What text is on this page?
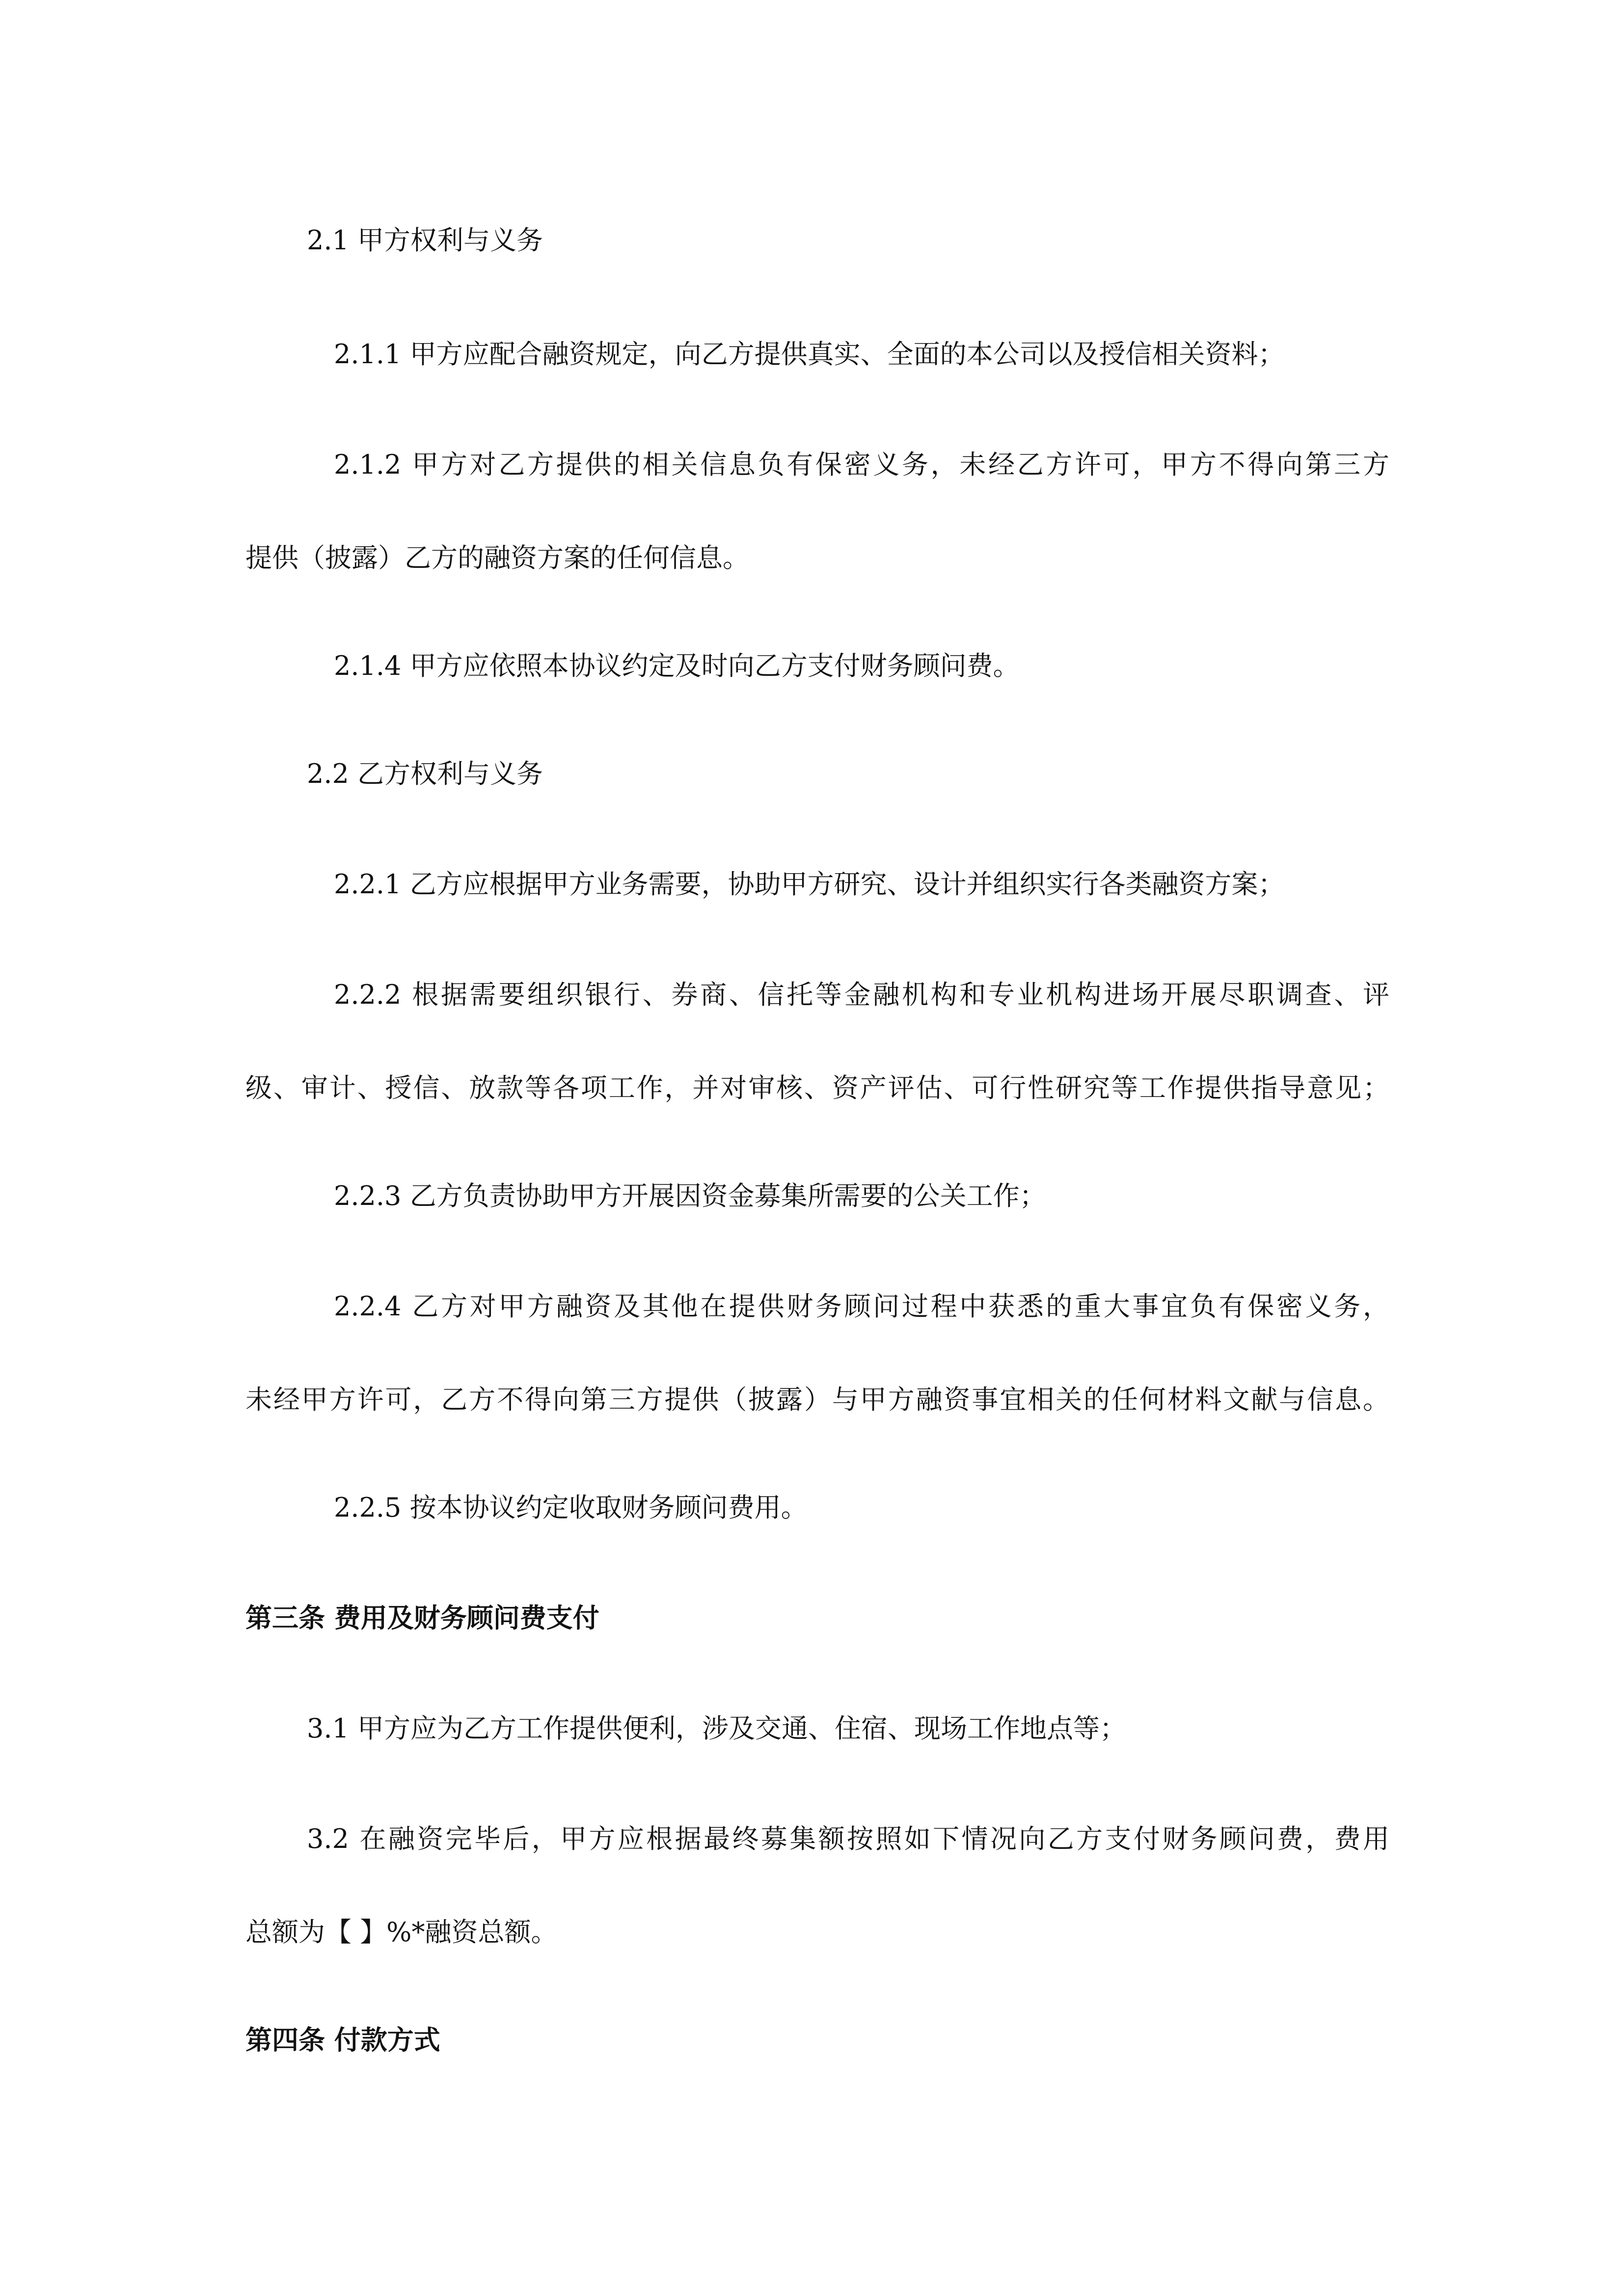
2.1 甲方权利与义务

2.1.1 甲方应配合融资规定，向乙方提供真实、全面的本公司以及授信相关资料；

2.1.2 甲方对乙方提供的相关信息负有保密义务，未经乙方许可，甲方不得向第三方

提供（披露）乙方的融资方案的任何信息。

2.1.4 甲方应依照本协议约定及时向乙方支付财务顾问费。

2.2 乙方权利与义务

2.2.1 乙方应根据甲方业务需要，协助甲方研究、设计并组织实行各类融资方案；

2.2.2 根据需要组织银行、券商、信托等金融机构和专业机构进场开展尽职调查、评

级、审计、授信、放款等各项工作，并对审核、资产评估、可行性研究等工作提供指导意见；

2.2.3 乙方负责协助甲方开展因资金募集所需要的公关工作；

2.2.4 乙方对甲方融资及其他在提供财务顾问过程中获悉的重大事宜负有保密义务，

未经甲方许可，乙方不得向第三方提供（披露）与甲方融资事宜相关的任何材料文献与信息。

2.2.5 按本协议约定收取财务顾问费用。

第三条 费用及财务顾问费支付

3.1 甲方应为乙方工作提供便利，涉及交通、住宿、现场工作地点等；

3.2 在融资完毕后，甲方应根据最终募集额按照如下情况向乙方支付财务顾问费，费用

总额为【 】%*融资总额。

第四条 付款方式
